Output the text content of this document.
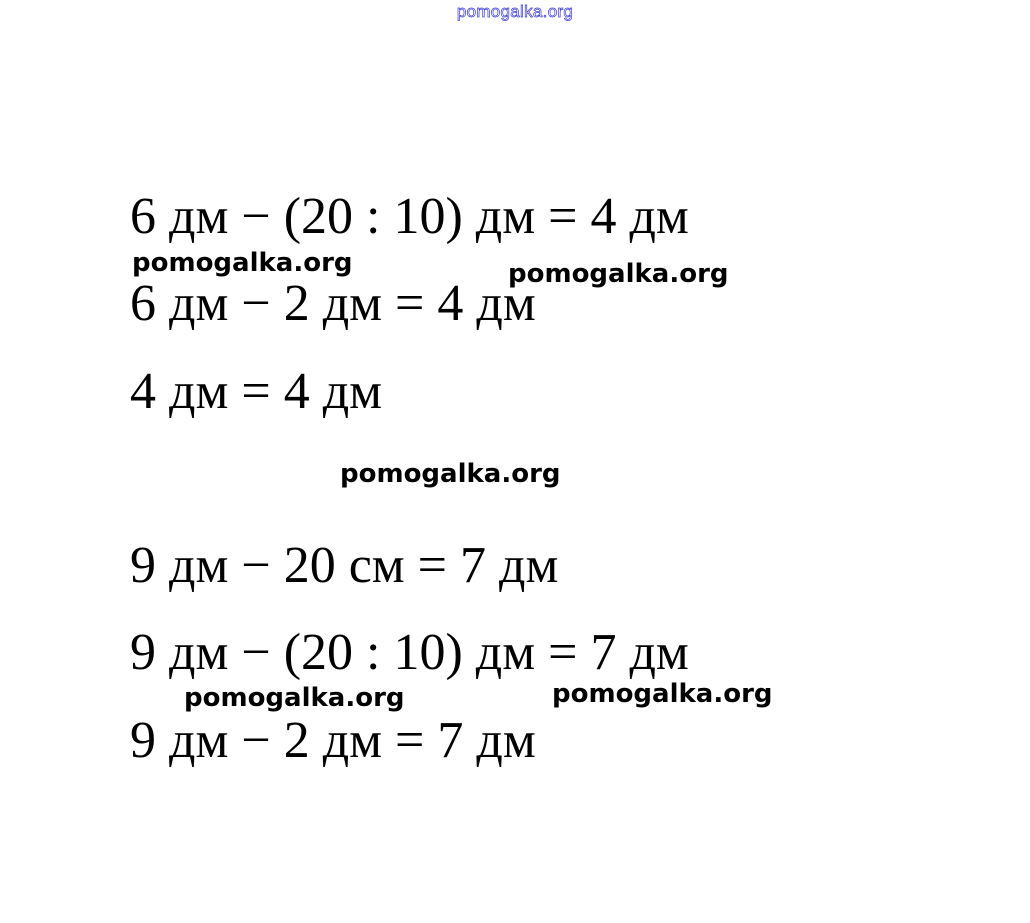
pomogalka.org
6 дм − (20 : 10) дм = 4 дм
6 дм − 2 дм = 4 дм
4 дм = 4 дм
9 дм − 20 см = 7 дм
9 дм − (20 : 10) дм = 7 дм
9 дм − 2 дм = 7 дм
pomogalka.org	pomogalka.org
pomogalka.org
pomogalka.org	pomogalka.org
